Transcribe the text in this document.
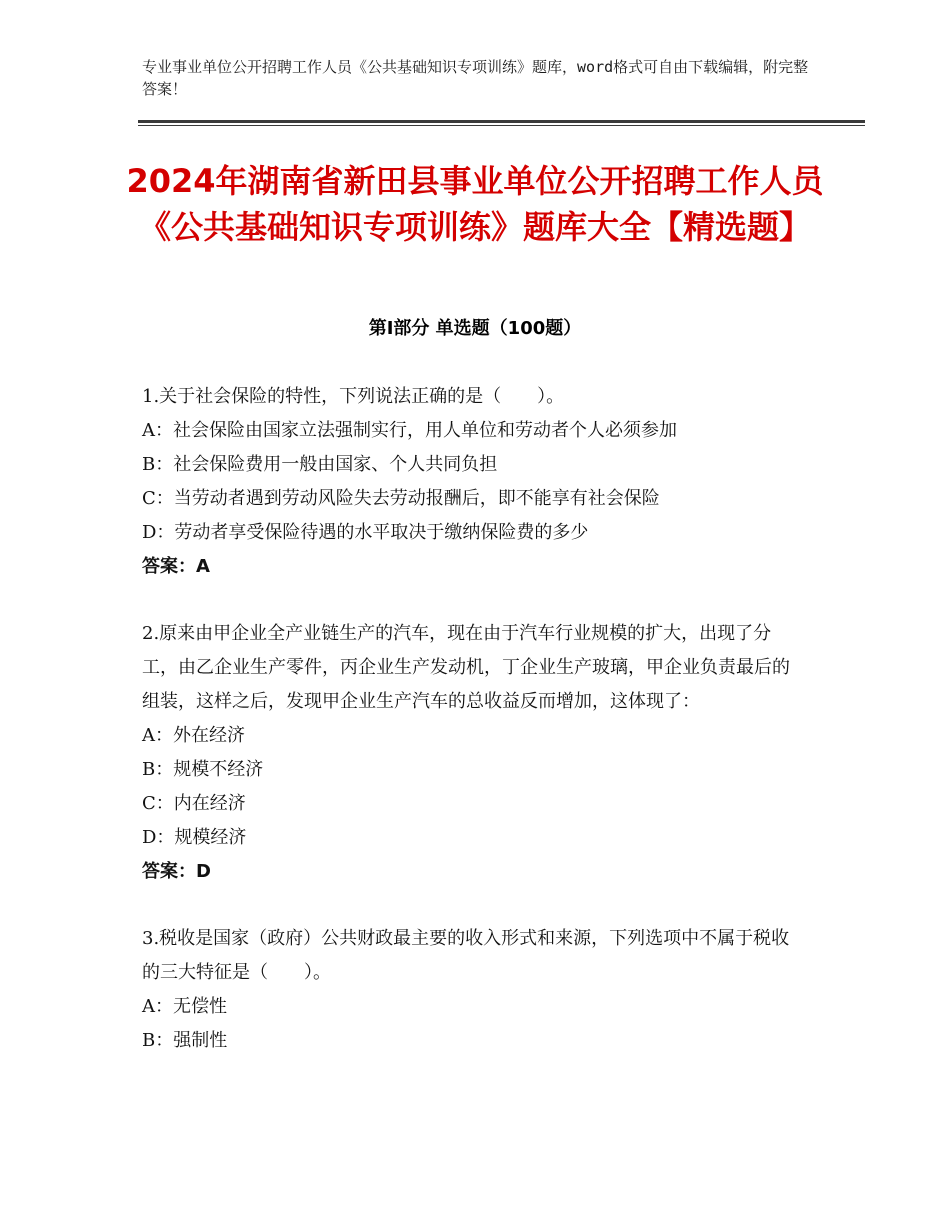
专业事业单位公开招聘工作人员《公共基础知识专项训练》题库，word格式可自由下载编辑，附完整答案！
2024年湖南省新田县事业单位公开招聘工作人员《公共基础知识专项训练》题库大全【精选题】
第Ⅰ部分 单选题（100题）
1.关于社会保险的特性，下列说法正确的是（　　）。
A：社会保险由国家立法强制实行，用人单位和劳动者个人必须参加
B：社会保险费用一般由国家、个人共同负担
C：当劳动者遇到劳动风险失去劳动报酬后，即不能享有社会保险
D：劳动者享受保险待遇的水平取决于缴纳保险费的多少
答案：A
2.原来由甲企业全产业链生产的汽车，现在由于汽车行业规模的扩大，出现了分工，由乙企业生产零件，丙企业生产发动机，丁企业生产玻璃，甲企业负责最后的组装，这样之后，发现甲企业生产汽车的总收益反而增加，这体现了：
A：外在经济
B：规模不经济
C：内在经济
D：规模经济
答案：D
3.税收是国家（政府）公共财政最主要的收入形式和来源，下列选项中不属于税收的三大特征是（　　）。
A：无偿性
B：强制性
